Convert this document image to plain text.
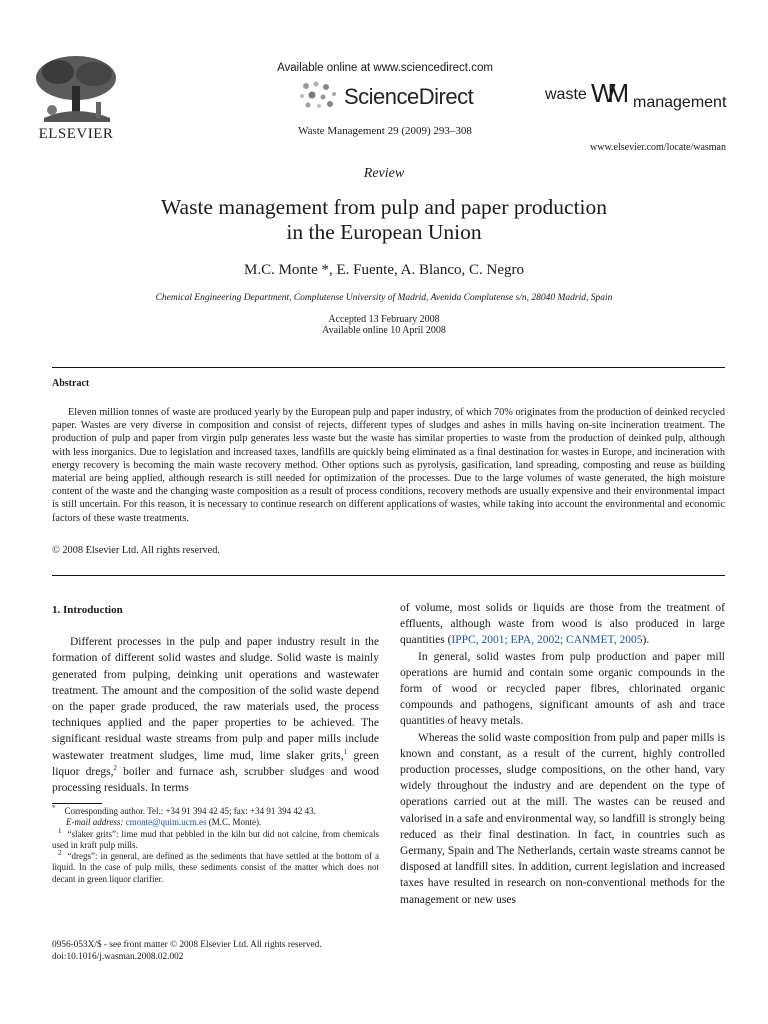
ELSEVIER
Available online at www.sciencedirect.com
ScienceDirect
Waste Management 29 (2009) 293–308
waste WM management
www.elsevier.com/locate/wasman
Review
Waste management from pulp and paper production
in the European Union
M.C. Monte *, E. Fuente, A. Blanco, C. Negro
Chemical Engineering Department, Complutense University of Madrid, Avenida Complutense s/n, 28040 Madrid, Spain
Accepted 13 February 2008
Available online 10 April 2008
Abstract

Eleven million tonnes of waste are produced yearly by the European pulp and paper industry, of which 70% originates from the production of deinked recycled paper. Wastes are very diverse in composition and consist of rejects, different types of sludges and ashes in mills having on-site incineration treatment. The production of pulp and paper from virgin pulp generates less waste but the waste has similar properties to waste from the production of deinked pulp, although with less inorganics. Due to legislation and increased taxes, landfills are quickly being eliminated as a final destination for wastes in Europe, and incineration with energy recovery is becoming the main waste recovery method. Other options such as pyrolysis, gasification, land spreading, composting and reuse as building material are being applied, although research is still needed for optimization of the processes. Due to the large volumes of waste generated, the high moisture content of the waste and the changing waste composition as a result of process conditions, recovery methods are usually expensive and their environmental impact is still uncertain. For this reason, it is necessary to continue research on different applications of wastes, while taking into account the environmental and economic factors of these waste treatments.

© 2008 Elsevier Ltd. All rights reserved.
1. Introduction

Different processes in the pulp and paper industry result in the formation of different solid wastes and sludge. Solid waste is mainly generated from pulping, deinking unit operations and wastewater treatment. The amount and the composition of the solid waste depend on the paper grade produced, the raw materials used, the process techniques applied and the paper properties to be achieved. The significant residual waste streams from pulp and paper mills include wastewater treatment sludges, lime mud, lime slaker grits,$^1$ green liquor dregs,$^2$ boiler and furnace ash, scrubber sludges and wood processing residuals. In terms

of volume, most solids or liquids are those from the treatment of effluents, although waste from wood is also produced in large quantities (IPPC, 2001; EPA, 2002; CANMET, 2005).

In general, solid wastes from pulp production and paper mill operations are humid and contain some organic compounds in the form of wood or recycled paper fibres, chlorinated organic compounds and pathogens, significant amounts of ash and trace quantities of heavy metals.

Whereas the solid waste composition from pulp and paper mills is known and constant, as a result of the current, highly controlled production processes, sludge compositions, on the other hand, vary widely throughout the industry and are dependent on the type of operations carried out at the mill. The wastes can be reused and valorised in a safe and environmental way, so landfill is strongly being reduced as their final destination. In fact, in countries such as Germany, Spain and The Netherlands, certain waste streams cannot be disposed at landfill sites. In addition, current legislation and increased taxes have resulted in research on non-conventional methods for the management or new uses

* Corresponding author. Tel.: +34 91 394 42 45; fax: +34 91 394 42 43.

E-mail address: cmonte@quim.ucm.es (M.C. Monte).

$^1$ “slaker grits”: lime mud that pebbled in the kiln but did not calcine, from chemicals used in kraft pulp mills.

$^2$ “dregs”: in general, are defined as the sediments that have settled at the bottom of a liquid. In the case of pulp mills, these sediments consist of the matter which does not decant in green liquor clarifier.

0956-053X/$ - see front matter © 2008 Elsevier Ltd. All rights reserved.
doi:10.1016/j.wasman.2008.02.002
